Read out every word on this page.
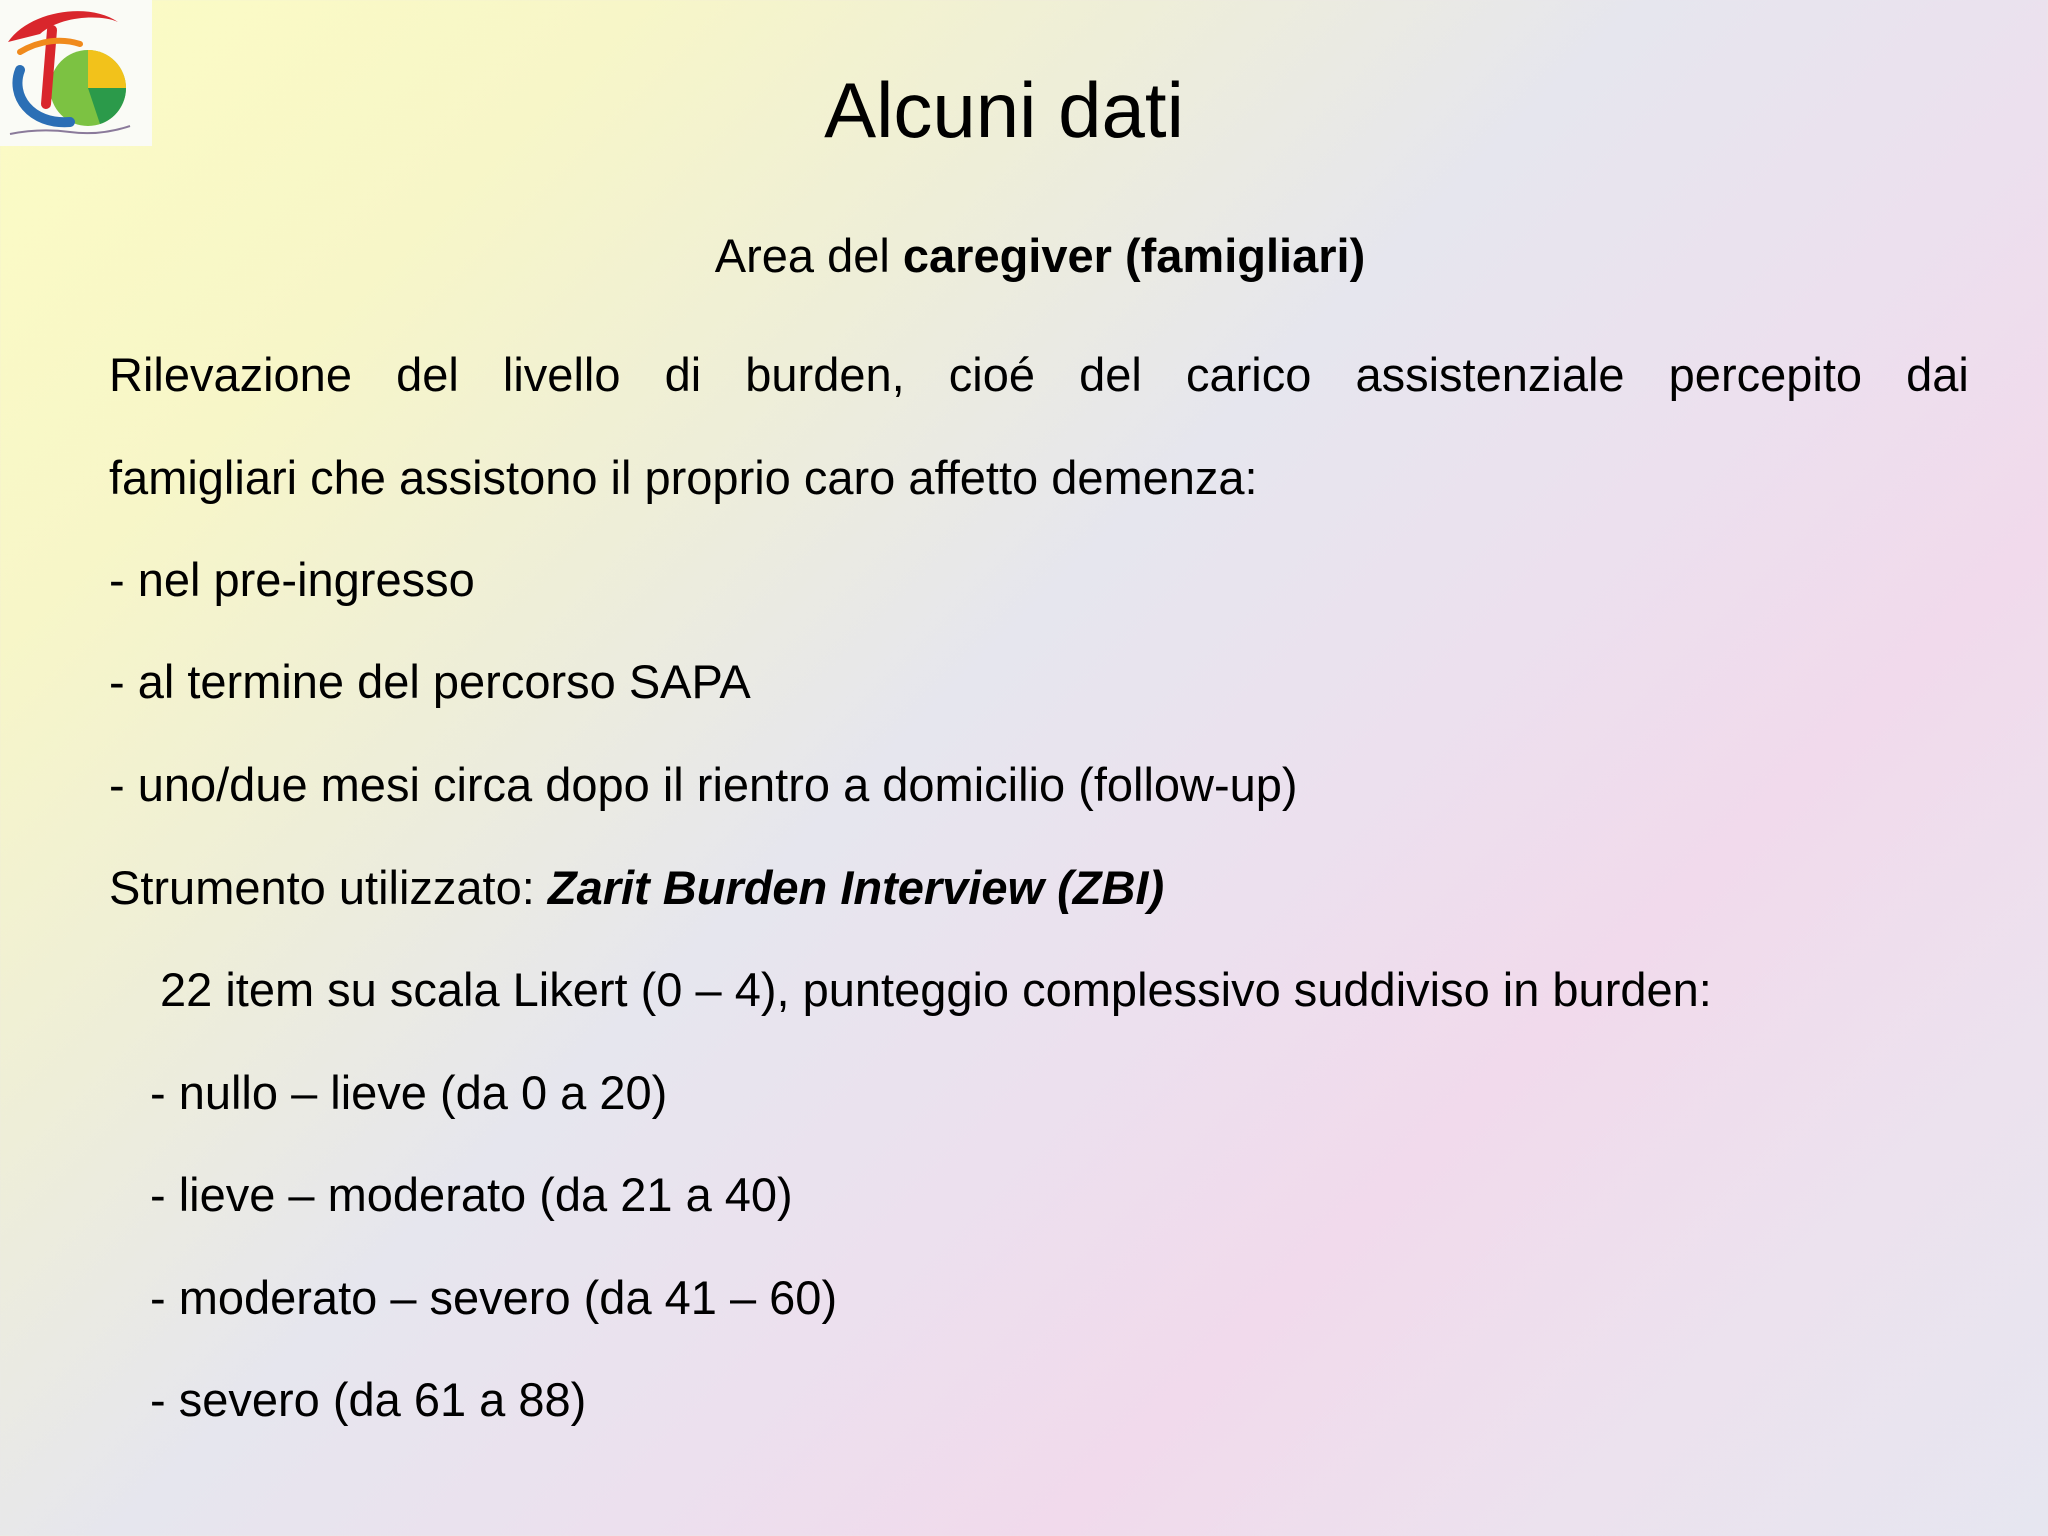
Alcuni dati
Area del caregiver (famigliari)
Rilevazione del livello di burden, cioé del carico assistenziale percepito dai
famigliari che assistono il proprio caro affetto demenza:
- nel pre-ingresso
- al termine del percorso SAPA
- uno/due mesi circa dopo il rientro a domicilio (follow-up)
Strumento utilizzato: Zarit Burden Interview (ZBI)
22 item su scala Likert (0 – 4), punteggio complessivo suddiviso in burden:
- nullo – lieve (da 0 a 20)
- lieve – moderato (da 21 a 40)
- moderato – severo (da 41 – 60)
- severo (da 61 a 88)
